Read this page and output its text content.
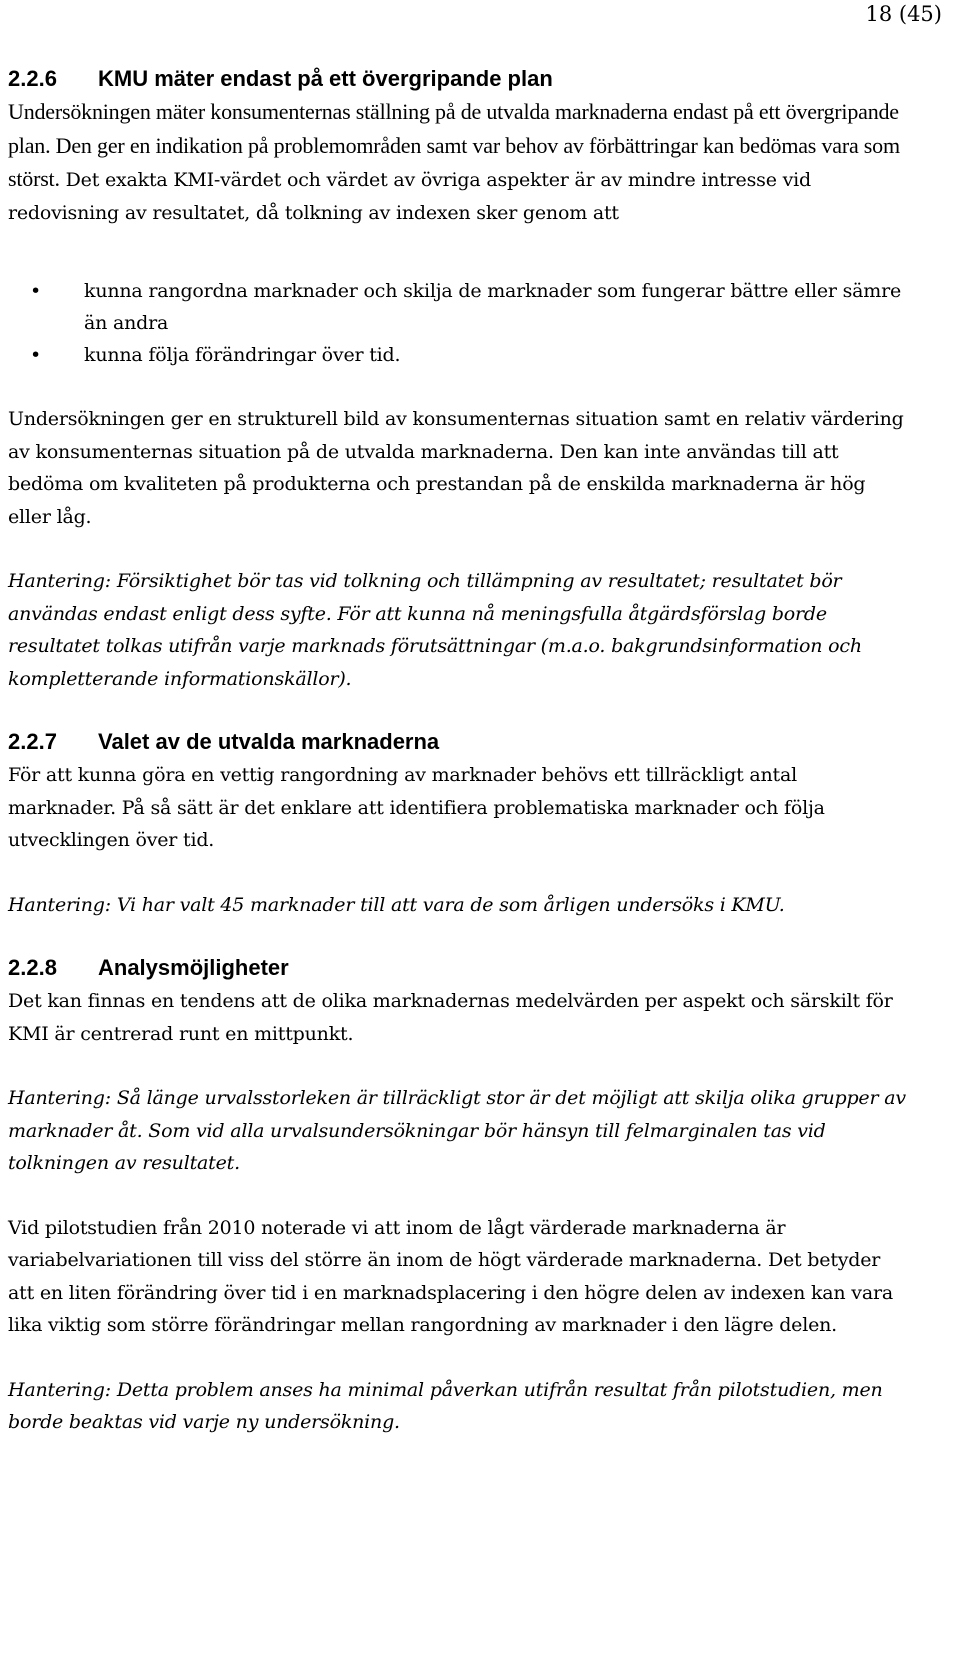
18 (45)
2.2.6	KMU mäter endast på ett övergripande plan

Undersökningen mäter konsumenternas ställning på de utvalda marknaderna endast på ett övergripande plan. Den ger en indikation på problemområden samt var behov av förbättringar kan bedömas vara som störst. Det exakta KMI-värdet och värdet av övriga aspekter är av mindre intresse vid redovisning av resultatet, då tolkning av indexen sker genom att

• kunna rangordna marknader och skilja de marknader som fungerar bättre eller sämre än andra
• kunna följa förändringar över tid.

Undersökningen ger en strukturell bild av konsumenternas situation samt en relativ värdering av konsumenternas situation på de utvalda marknaderna. Den kan inte användas till att bedöma om kvaliteten på produkterna och prestandan på de enskilda marknaderna är hög eller låg.

Hantering: Försiktighet bör tas vid tolkning och tillämpning av resultatet; resultatet bör användas endast enligt dess syfte. För att kunna nå meningsfulla åtgärdsförslag borde resultatet tolkas utifrån varje marknads förutsättningar (m.a.o. bakgrundsinformation och kompletterande informationskällor).

2.2.7	Valet av de utvalda marknaderna

För att kunna göra en vettig rangordning av marknader behövs ett tillräckligt antal marknader. På så sätt är det enklare att identifiera problematiska marknader och följa utvecklingen över tid.

Hantering: Vi har valt 45 marknader till att vara de som årligen undersöks i KMU.

2.2.8	Analysmöjligheter

Det kan finnas en tendens att de olika marknadernas medelvärden per aspekt och särskilt för KMI är centrerad runt en mittpunkt.

Hantering: Så länge urvalsstorleken är tillräckligt stor är det möjligt att skilja olika grupper av marknader åt. Som vid alla urvalsundersökningar bör hänsyn till felmarginalen tas vid tolkningen av resultatet.

Vid pilotstudien från 2010 noterade vi att inom de lågt värderade marknaderna är variabelvariationen till viss del större än inom de högt värderade marknaderna. Det betyder att en liten förändring över tid i en marknadsplacering i den högre delen av indexen kan vara lika viktig som större förändringar mellan rangordning av marknader i den lägre delen.

Hantering: Detta problem anses ha minimal påverkan utifrån resultat från pilotstudien, men borde beaktas vid varje ny undersökning.
